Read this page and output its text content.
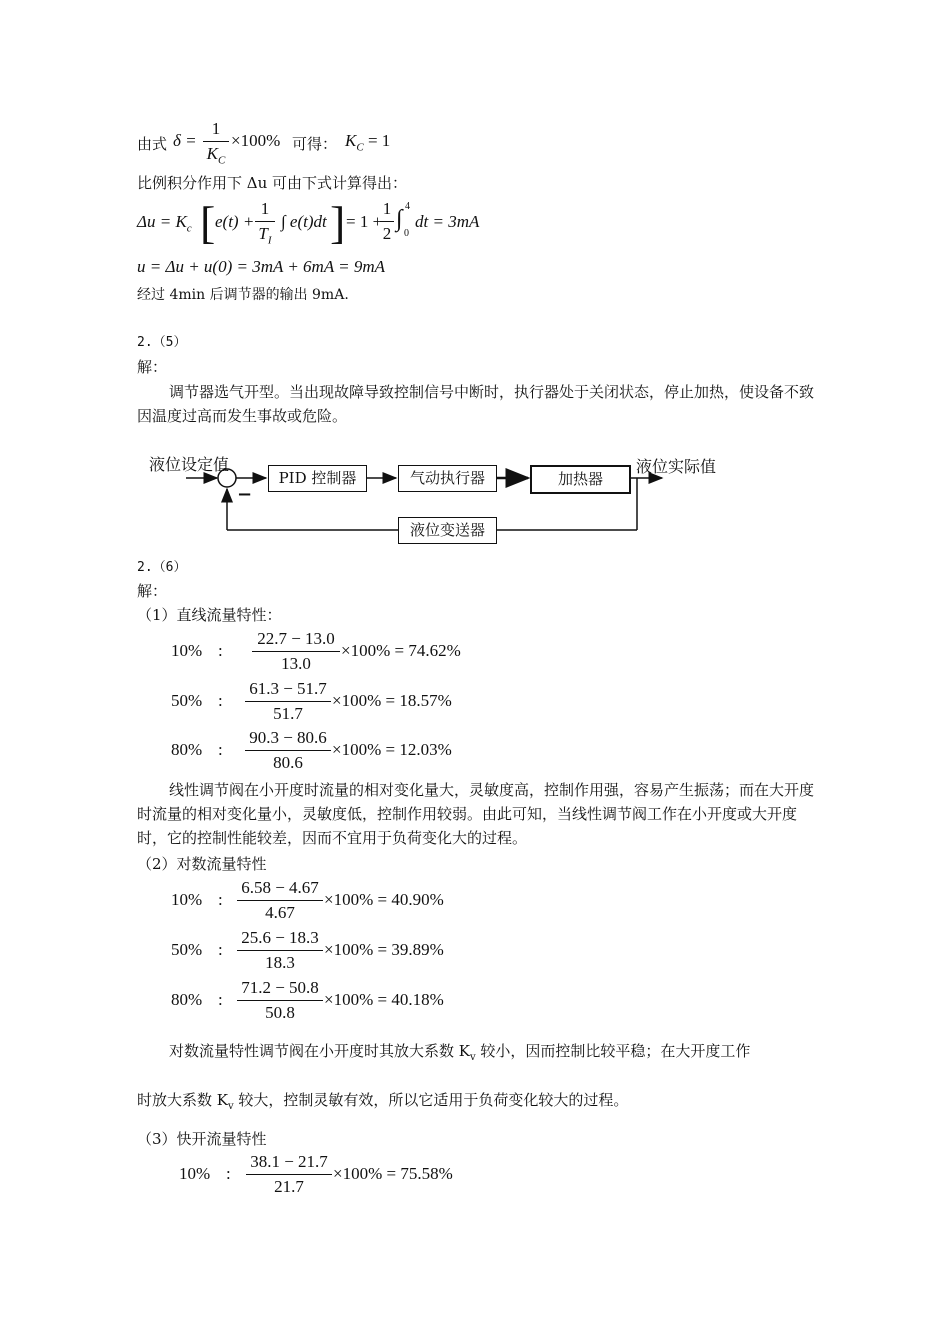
由式 δ =
1
$K_C$
×100% 可得： $K_C = 1$
比例积分作用下 Δu 可由下式计算得出：
$\Delta u = K_c$ [ e(t) +
1
$T_I$
∫ e(t)dt ] = 1 +
1
2
∫ 4
0
dt = 3mA
u = Δu + u(0) = 3mA + 6mA = 9mA
经过 4min 后调节器的输出 9mA.
2.（5）
解：
调节器选气开型。当出现故障导致控制信号中断时，执行器处于关闭状态，停止加热，使设备不致因温度过高而发生事故或危险。
液位设定值
−
PID 控制器	气动执行器	加热器
液位实际值
液位变送器
2.（6）
解：
（1）直线流量特性：
10% :
22.7 − 13.0
13.0
×100% = 74.62%
50% :
61.3 − 51.7
51.7
×100% = 18.57%
80% :
90.3 − 80.6
80.6
×100% = 12.03%
线性调节阀在小开度时流量的相对变化量大，灵敏度高，控制作用强，容易产生振荡；而在大开度时流量的相对变化量小，灵敏度低，控制作用较弱。由此可知，当线性调节阀工作在小开度或大开度时，它的控制性能较差，因而不宜用于负荷变化大的过程。
（2）对数流量特性
10% :
6.58 − 4.67
4.67
×100% = 40.90%
50% :
25.6 − 18.3
18.3
×100% = 39.89%
80% :
71.2 − 50.8
50.8
×100% = 40.18%
对数流量特性调节阀在小开度时其放大系数 $K_v$ 较小，因而控制比较平稳；在大开度工作
时放大系数 $K_v$ 较大，控制灵敏有效，所以它适用于负荷变化较大的过程。
（3）快开流量特性
10% :
38.1 − 21.7
21.7
×100% = 75.58%
